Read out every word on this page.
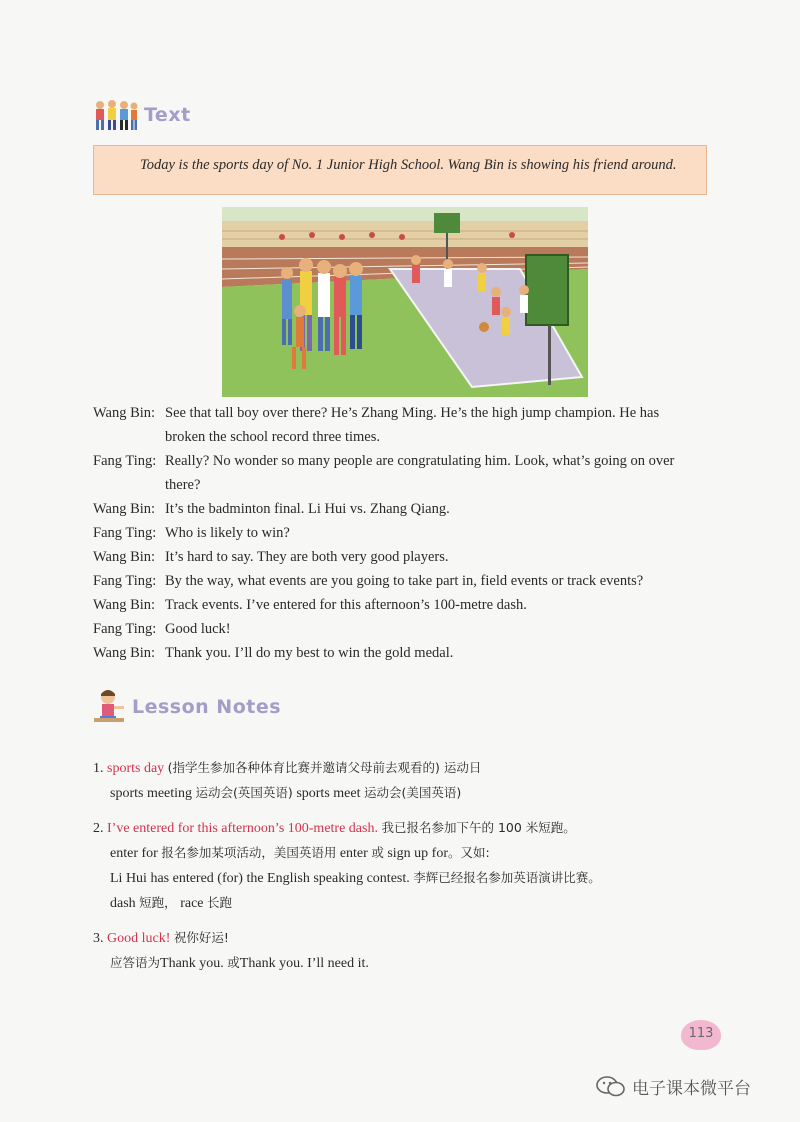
Text
Today is the sports day of No. 1 Junior High School. Wang Bin is showing his friend around.
Wang Bin: See that tall boy over there? He’s Zhang Ming. He’s the high jump champion. He has
broken the school record three times.
Fang Ting: Really? No wonder so many people are congratulating him. Look, what’s going on over
there?
Wang Bin: It’s the badminton final. Li Hui vs. Zhang Qiang.
Fang Ting: Who is likely to win?
Wang Bin: It’s hard to say. They are both very good players.
Fang Ting: By the way, what events are you going to take part in, field events or track events?
Wang Bin: Track events. I’ve entered for this afternoon’s 100-metre dash.
Fang Ting: Good luck!
Wang Bin: Thank you. I’ll do my best to win the gold medal.
Lesson Notes
1. sports day (指学生参加各种体育比赛并邀请父母前去观看的) 运动日
sports meeting 运动会(英国英语) sports meet 运动会(美国英语)
2. I’ve entered for this afternoon’s 100-metre dash. 我已报名参加下午的 100 米短跑。
enter for 报名参加某项活动，美国英语用 enter 或 sign up for。又如:
Li Hui has entered (for) the English speaking contest. 李辉已经报名参加英语演讲比赛。
dash 短跑， race 长跑
3. Good luck! 祝你好运!
应答语为Thank you. 或Thank you. I’ll need it.
113
电子课本微平台
